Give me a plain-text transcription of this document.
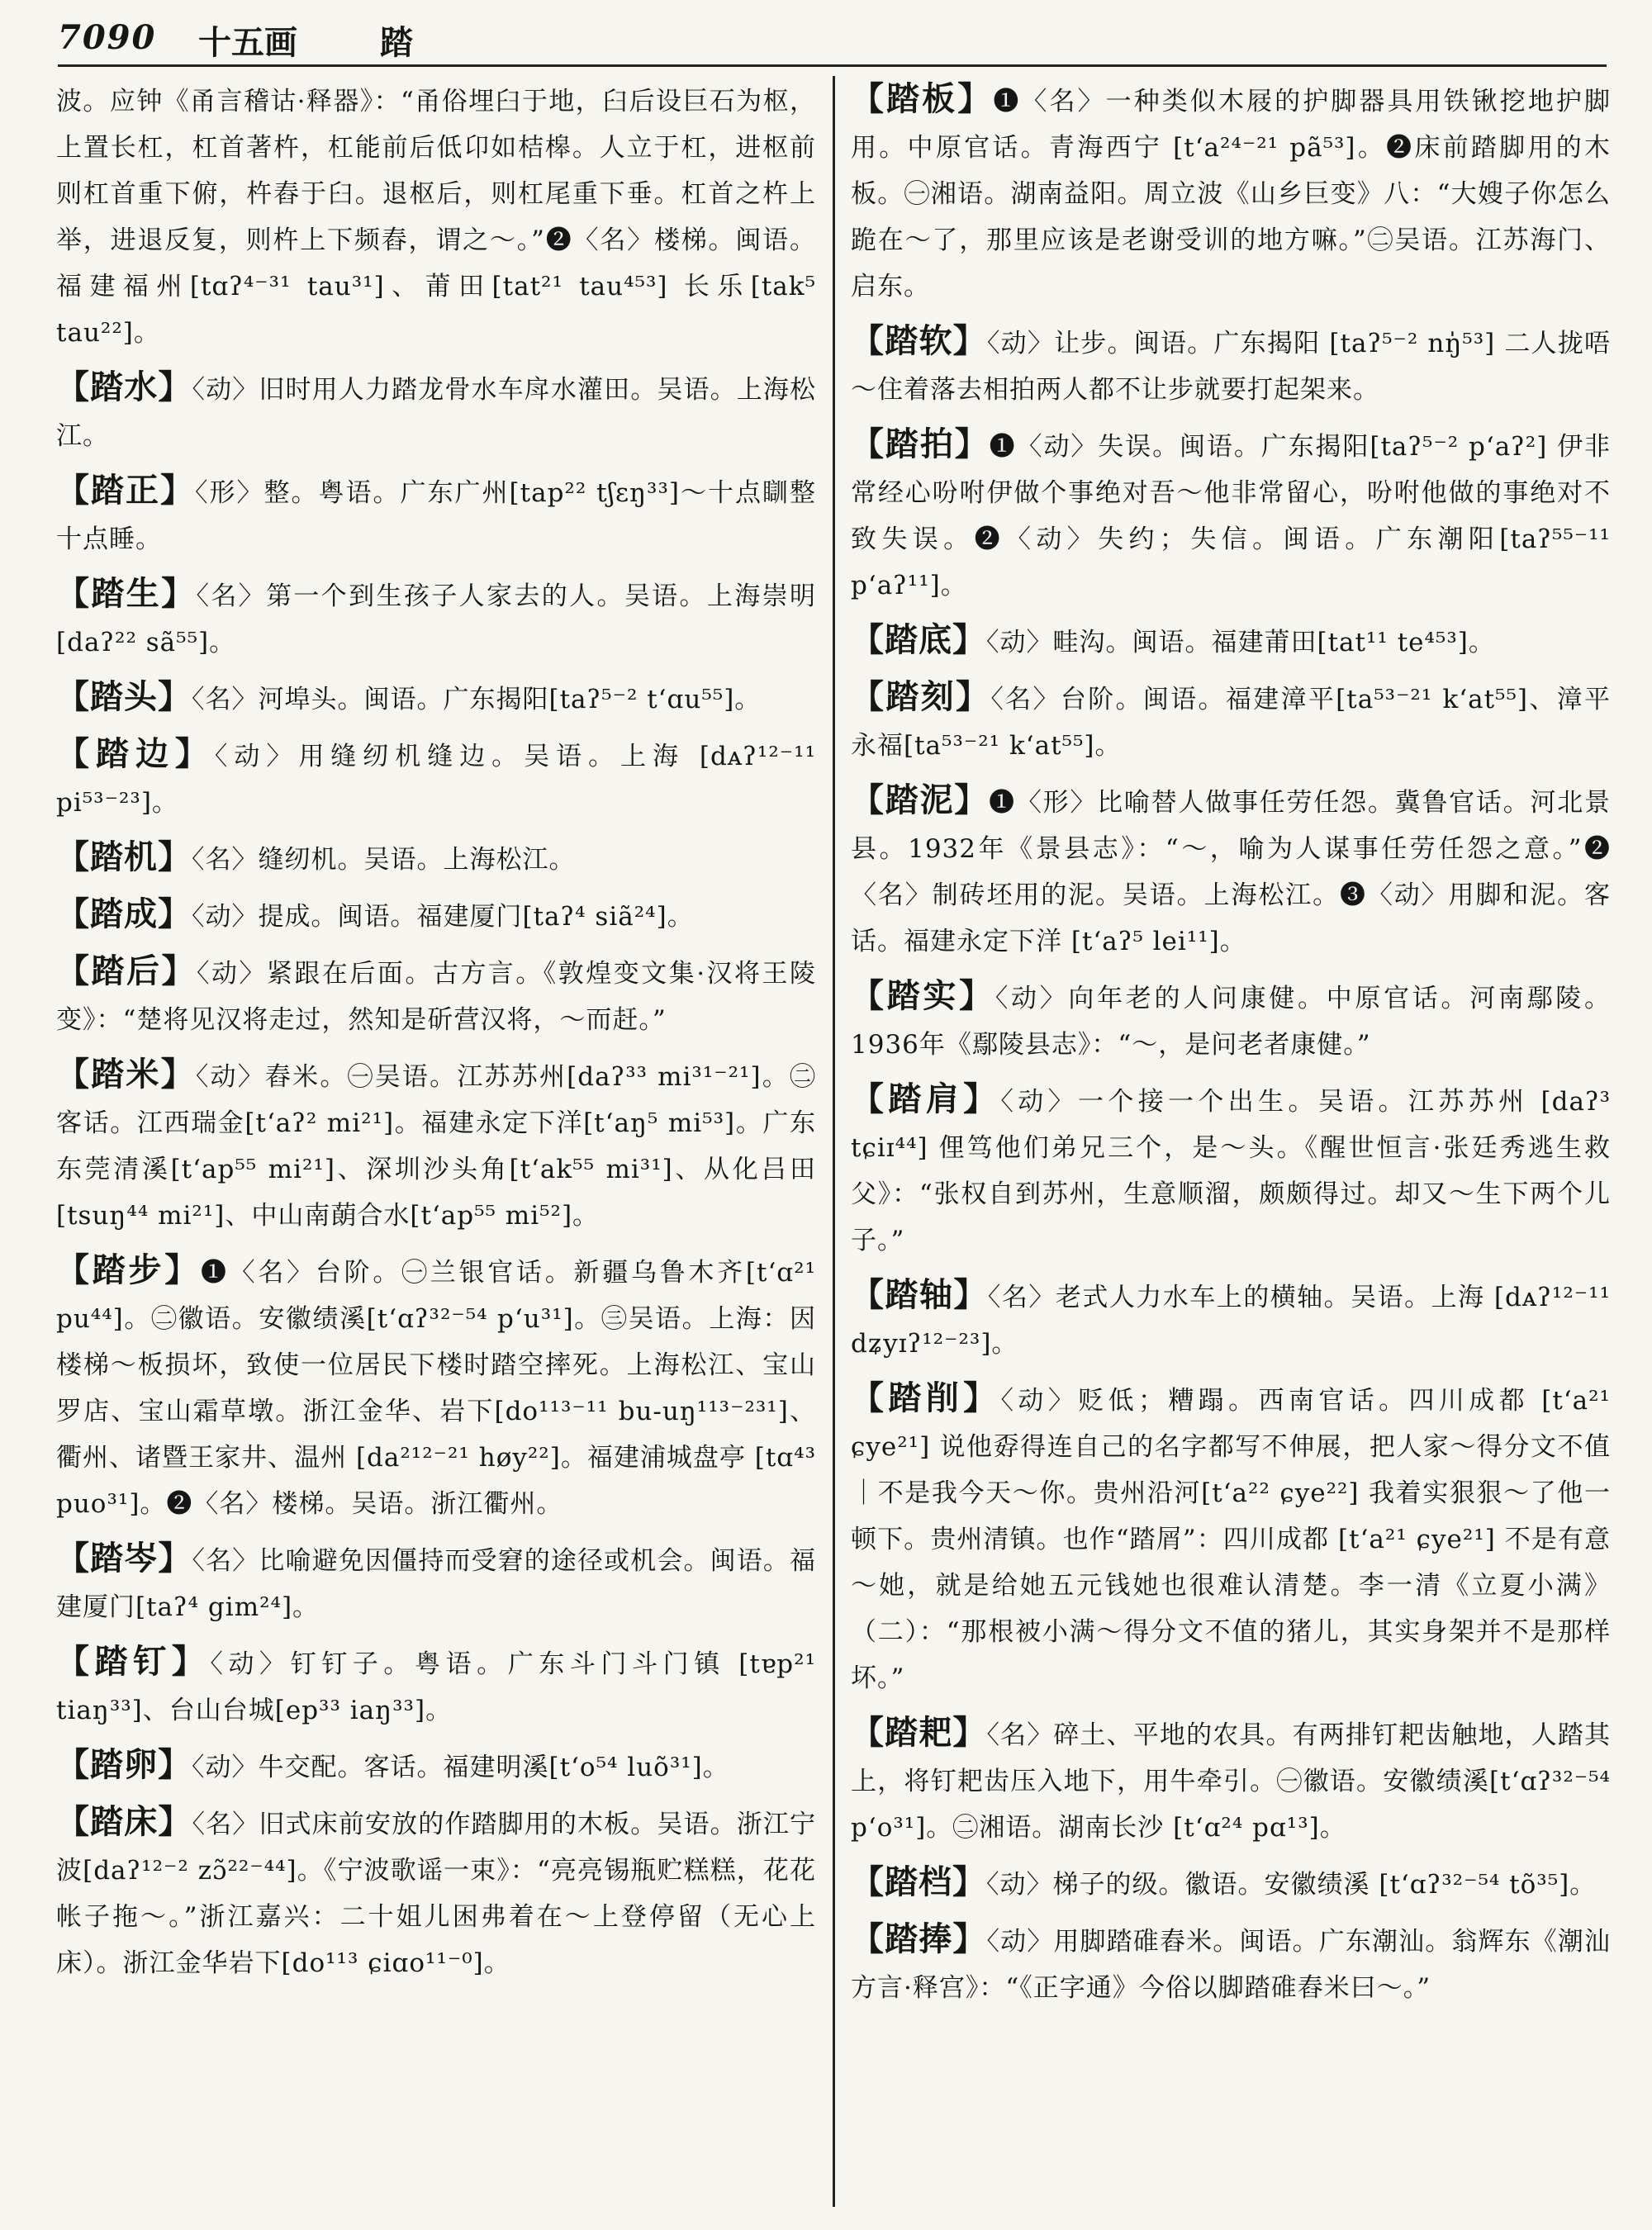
7090 十五画	踏

波。应钟《甬言稽诂·释器》：“甬俗埋臼于地，臼后设巨石为枢，上置长杠，杠首著杵，杠能前后低卬如桔槔。人立于杠，进枢前则杠首重下俯，杵舂于臼。退枢后，则杠尾重下垂。杠首之杵上举，进退反复，则杵上下频舂，谓之～。”❷〈名〉楼梯。闽语。福建福州[tɑʔ⁴⁻³¹ tau³¹]、莆田[tat²¹ tau⁴⁵³] 长乐[tak⁵ tau²²]。

【踏水】〈动〉旧时用人力踏龙骨水车戽水灌田。吴语。上海松江。

【踏正】〈形〉整。粤语。广东广州[tap²² tʃɛŋ³³]～十点瞓整十点睡。

【踏生】〈名〉第一个到生孩子人家去的人。吴语。上海崇明[daʔ²² sã⁵⁵]。

【踏头】〈名〉河埠头。闽语。广东揭阳[taʔ⁵⁻² t‘ɑu⁵⁵]。

【踏边】〈动〉用缝纫机缝边。吴语。上海 [dᴀʔ¹²⁻¹¹ pi⁵³⁻²³]。

【踏机】〈名〉缝纫机。吴语。上海松江。

【踏成】〈动〉提成。闽语。福建厦门[taʔ⁴ siã²⁴]。

【踏后】〈动〉紧跟在后面。古方言。《敦煌变文集·汉将王陵变》：“楚将见汉将走过，然知是斫营汉将，～而赶。”

【踏米】〈动〉舂米。㊀吴语。江苏苏州[daʔ³³ mi³¹⁻²¹]。㊁客话。江西瑞金[t‘aʔ² mi²¹]。福建永定下洋[t‘aŋ⁵ mi⁵³]。广东东莞清溪[t‘ap⁵⁵ mi²¹]、深圳沙头角[t‘ak⁵⁵ mi³¹]、从化吕田[tsuŋ⁴⁴ mi²¹]、中山南蓢合水[t‘ap⁵⁵ mi⁵²]。

【踏步】❶〈名〉台阶。㊀兰银官话。新疆乌鲁木齐[t‘ɑ²¹ pu⁴⁴]。㊁徽语。安徽绩溪[t‘ɑʔ³²⁻⁵⁴ p‘u³¹]。㊂吴语。上海：因楼梯～板损坏，致使一位居民下楼时踏空摔死。上海松江、宝山罗店、宝山霜草墩。浙江金华、岩下[do¹¹³⁻¹¹ bu-uŋ¹¹³⁻²³¹]、衢州、诸暨王家井、温州 [da²¹²⁻²¹ høy²²]。福建浦城盘亭 [tɑ⁴³ puo³¹]。❷〈名〉楼梯。吴语。浙江衢州。

【踏岑】〈名〉比喻避免因僵持而受窘的途径或机会。闽语。福建厦门[taʔ⁴ gim²⁴]。

【踏钉】〈动〉钉钉子。粤语。广东斗门斗门镇 [tɐp²¹ tiaŋ³³]、台山台城[ep³³ iaŋ³³]。

【踏卵】〈动〉牛交配。客话。福建明溪[t‘o⁵⁴ luõ³¹]。

【踏床】〈名〉旧式床前安放的作踏脚用的木板。吴语。浙江宁波[daʔ¹²⁻² zɔ̃²²⁻⁴⁴]。《宁波歌谣一束》：“亮亮锡瓶贮糕糕，花花帐子拖～。”浙江嘉兴：二十姐儿困弗着在～上登停留（无心上床）。浙江金华岩下[do¹¹³ ɕiɑo¹¹⁻⁰]。

【踏板】❶〈名〉一种类似木屐的护脚器具用铁锹挖地护脚用。中原官话。青海西宁 [t‘a²⁴⁻²¹ pã⁵³]。❷床前踏脚用的木板。㊀湘语。湖南益阳。周立波《山乡巨变》八：“大嫂子你怎么跪在～了，那里应该是老谢受训的地方嘛。”㊁吴语。江苏海门、启东。

【踏软】〈动〉让步。闽语。广东揭阳 [taʔ⁵⁻² nŋ̍⁵³] 二人拢唔～住着落去相拍两人都不让步就要打起架来。

【踏拍】❶〈动〉失误。闽语。广东揭阳[taʔ⁵⁻² p‘aʔ²] 伊非常经心吩咐伊做个事绝对吾～他非常留心，吩咐他做的事绝对不致失误。❷〈动〉失约；失信。闽语。广东潮阳[taʔ⁵⁵⁻¹¹ p‘aʔ¹¹]。

【踏底】〈动〉畦沟。闽语。福建莆田[tat¹¹ te⁴⁵³]。

【踏刻】〈名〉台阶。闽语。福建漳平[ta⁵³⁻²¹ k‘at⁵⁵]、漳平永福[ta⁵³⁻²¹ k‘at⁵⁵]。

【踏泥】❶〈形〉比喻替人做事任劳任怨。冀鲁官话。河北景县。1932年《景县志》：“～，喻为人谋事任劳任怨之意。”❷〈名〉制砖坯用的泥。吴语。上海松江。❸〈动〉用脚和泥。客话。福建永定下洋 [t‘aʔ⁵ lei¹¹]。

【踏实】〈动〉向年老的人问康健。中原官话。河南鄢陵。1936年《鄢陵县志》：“～，是问老者康健。”

【踏肩】〈动〉一个接一个出生。吴语。江苏苏州 [daʔ³ tɕiɪ⁴⁴] 俚笃他们弟兄三个，是～头。《醒世恒言·张廷秀逃生救父》：“张权自到苏州，生意顺溜，颇颇得过。却又～生下两个儿子。”

【踏轴】〈名〉老式人力水车上的横轴。吴语。上海 [dᴀʔ¹²⁻¹¹ dʑyɪʔ¹²⁻²³]。

【踏削】〈动〉贬低；糟蹋。西南官话。四川成都 [t‘a²¹ ɕye²¹] 说他孬得连自己的名字都写不伸展，把人家～得分文不值｜不是我今天～你。贵州沿河[t‘a²² ɕye²²] 我着实狠狠～了他一顿下。贵州清镇。也作“踏屑”：四川成都 [t‘a²¹ ɕye²¹] 不是有意～她，就是给她五元钱她也很难认清楚。李一清《立夏小满》（二）：“那根被小满～得分文不值的猪儿，其实身架并不是那样坏。”

【踏耙】〈名〉碎土、平地的农具。有两排钉耙齿触地，人踏其上，将钉耙齿压入地下，用牛牵引。㊀徽语。安徽绩溪[t‘ɑʔ³²⁻⁵⁴ p‘o³¹]。㊁湘语。湖南长沙 [t‘ɑ²⁴ pɑ¹³]。

【踏档】〈动〉梯子的级。徽语。安徽绩溪 [t‘ɑʔ³²⁻⁵⁴ tõ³⁵]。

【踏捧】〈动〉用脚踏碓舂米。闽语。广东潮汕。翁辉东《潮汕方言·释宫》：“《正字通》今俗以脚踏碓舂米曰～。”
